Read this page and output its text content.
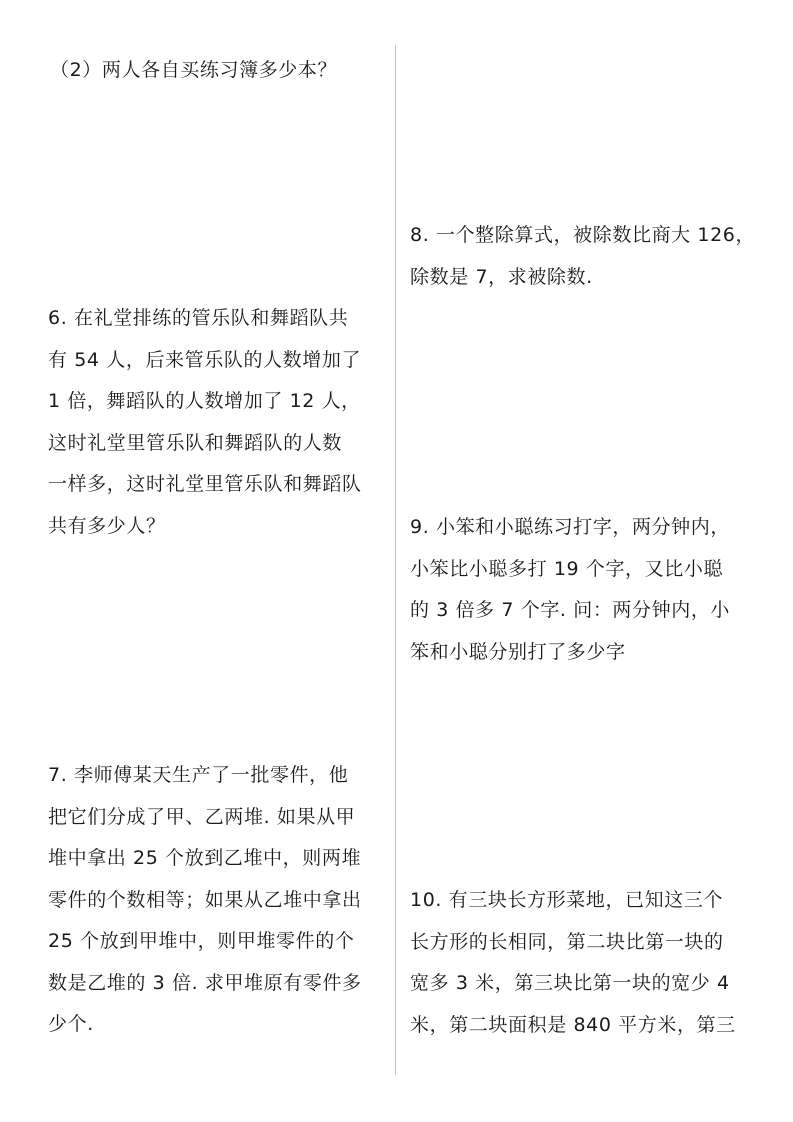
（2）两人各自买练习簿多少本？
6. 在礼堂排练的管乐队和舞蹈队共
有 54 人，后来管乐队的人数增加了
1 倍，舞蹈队的人数增加了 12 人，
这时礼堂里管乐队和舞蹈队的人数
一样多，这时礼堂里管乐队和舞蹈队
共有多少人？
7. 李师傅某天生产了一批零件，他
把它们分成了甲、乙两堆. 如果从甲
堆中拿出 25 个放到乙堆中，则两堆
零件的个数相等；如果从乙堆中拿出
25 个放到甲堆中，则甲堆零件的个
数是乙堆的 3 倍. 求甲堆原有零件多
少个.
8. 一个整除算式，被除数比商大 126，
除数是 7，求被除数.
9. 小笨和小聪练习打字，两分钟内，
小笨比小聪多打 19 个字，又比小聪
的 3 倍多 7 个字. 问：两分钟内，小
笨和小聪分别打了多少字
10. 有三块长方形菜地，已知这三个
长方形的长相同，第二块比第一块的
宽多 3 米，第三块比第一块的宽少 4
米，第二块面积是 840 平方米，第三
